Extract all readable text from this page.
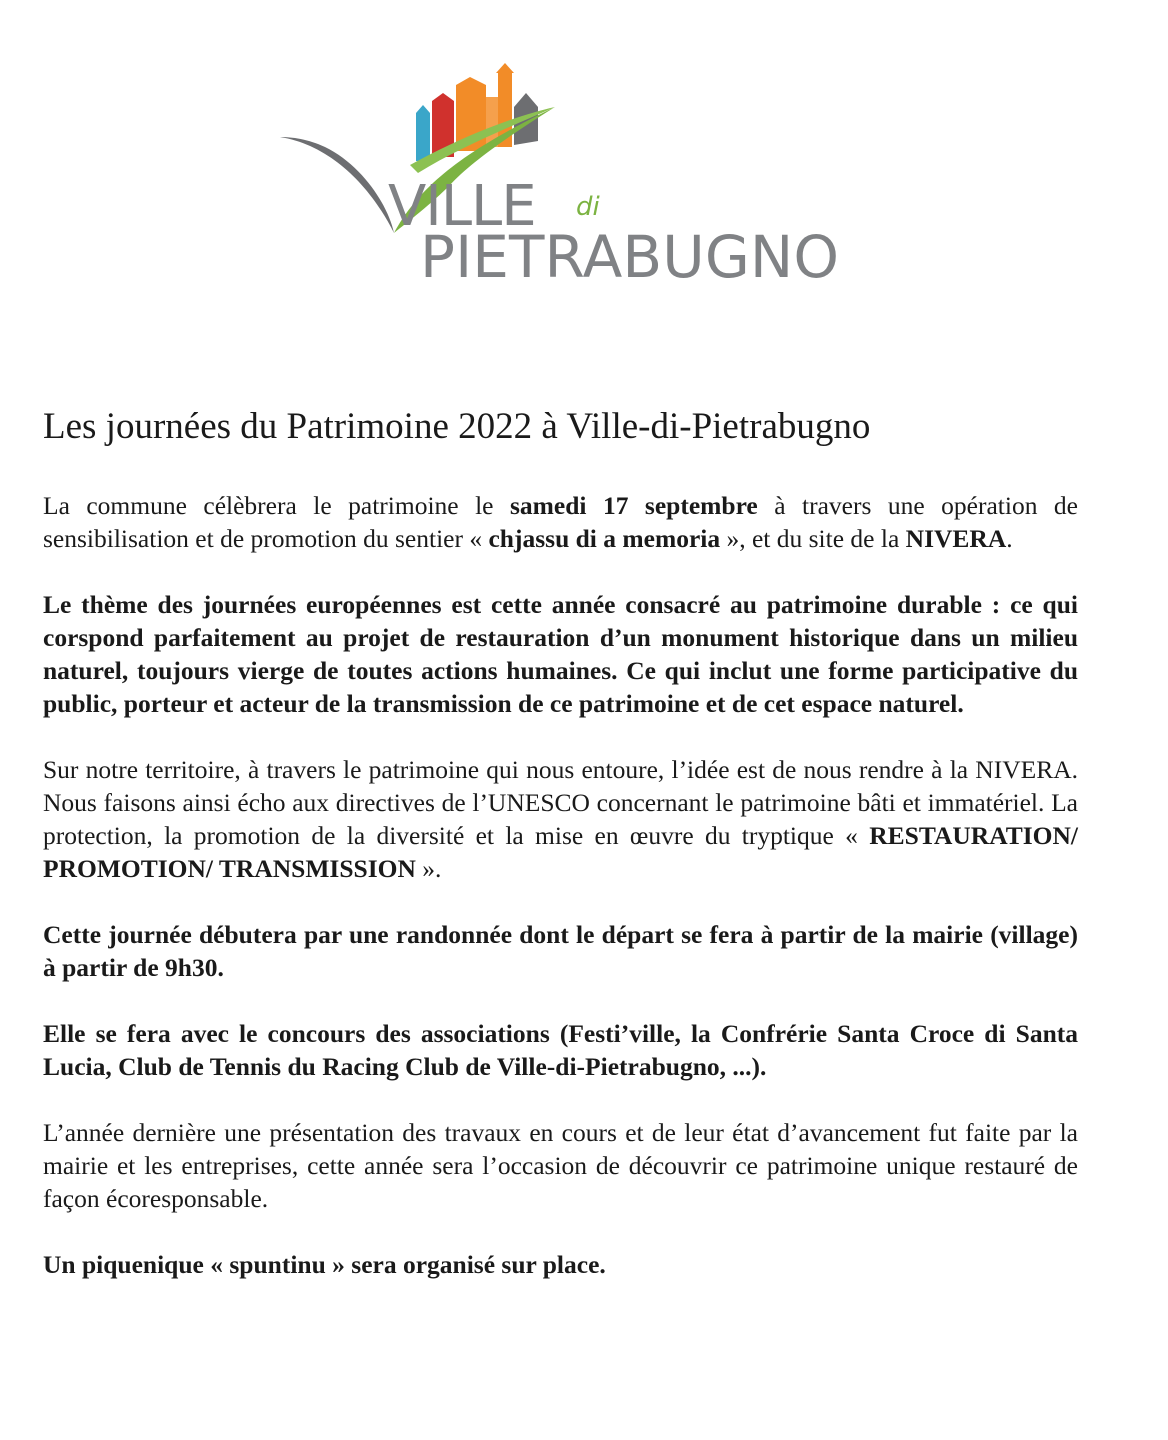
VILLE di
PIETRABUGNO
Les journées du Patrimoine 2022 à Ville-di-Pietrabugno

La commune célèbrera le patrimoine le samedi 17 septembre à travers une opération de sensibilisation et de promotion du sentier « chjassu di a memoria », et du site de la NIVERA.

Le thème des journées européennes est cette année consacré au patrimoine durable : ce qui corspond parfaitement au projet de restauration d’un monument historique dans un milieu naturel, toujours vierge de toutes actions humaines. Ce qui inclut une forme participative du public, porteur et acteur de la transmission de ce patrimoine et de cet espace naturel.

Sur notre territoire, à travers le patrimoine qui nous entoure, l’idée est de nous rendre à la NIVERA. Nous faisons ainsi écho aux directives de l’UNESCO concernant le patrimoine bâti et immatériel. La protection, la promotion de la diversité et la mise en œuvre du tryptique « RESTAURATION/ PROMOTION/ TRANSMISSION ».

Cette journée débutera par une randonnée dont le départ se fera à partir de la mairie (village) à partir de 9h30.

Elle se fera avec le concours des associations (Festi’ville, la Confrérie Santa Croce di Santa Lucia, Club de Tennis du Racing Club de Ville-di-Pietrabugno, ...).

L’année dernière une présentation des travaux en cours et de leur état d’avancement fut faite par la mairie et les entreprises, cette année sera l’occasion de découvrir ce patrimoine unique restauré de façon écoresponsable.

Un piquenique « spuntinu » sera organisé sur place.
